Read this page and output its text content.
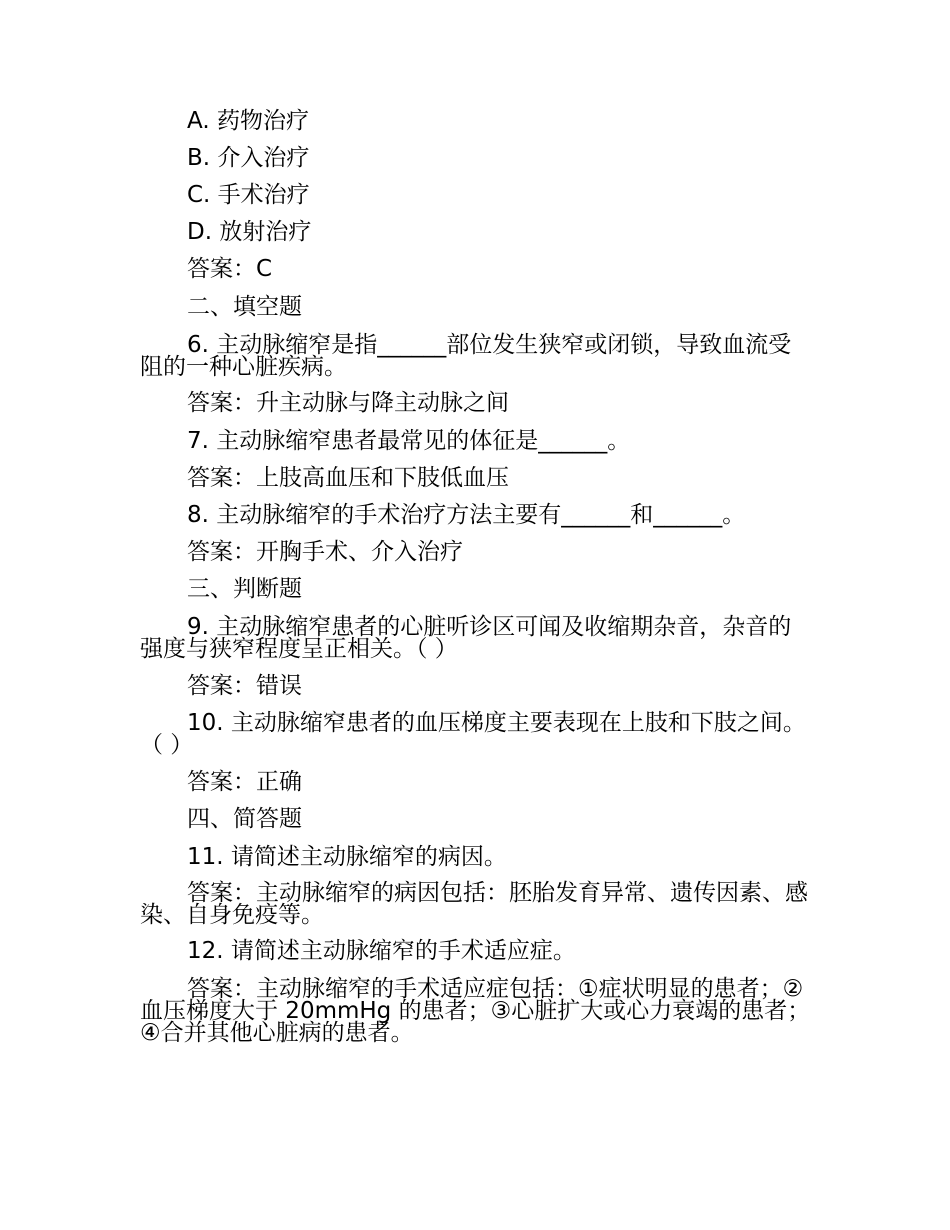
A. 药物治疗
B. 介入治疗
C. 手术治疗
D. 放射治疗
答案：C
二、填空题
6. 主动脉缩窄是指______部位发生狭窄或闭锁，导致血流受阻的一种心脏疾病。
答案：升主动脉与降主动脉之间
7. 主动脉缩窄患者最常见的体征是______。
答案：上肢高血压和下肢低血压
8. 主动脉缩窄的手术治疗方法主要有______和______。
答案：开胸手术、介入治疗
三、判断题
9. 主动脉缩窄患者的心脏听诊区可闻及收缩期杂音，杂音的强度与狭窄程度呈正相关。（ ）
答案：错误
10. 主动脉缩窄患者的血压梯度主要表现在上肢和下肢之间。（ ）
答案：正确
四、简答题
11. 请简述主动脉缩窄的病因。
答案：主动脉缩窄的病因包括：胚胎发育异常、遗传因素、感染、自身免疫等。
12. 请简述主动脉缩窄的手术适应症。
答案：主动脉缩窄的手术适应症包括：①症状明显的患者；②血压梯度大于 20mmHg 的患者；③心脏扩大或心力衰竭的患者；④合并其他心脏病的患者。
